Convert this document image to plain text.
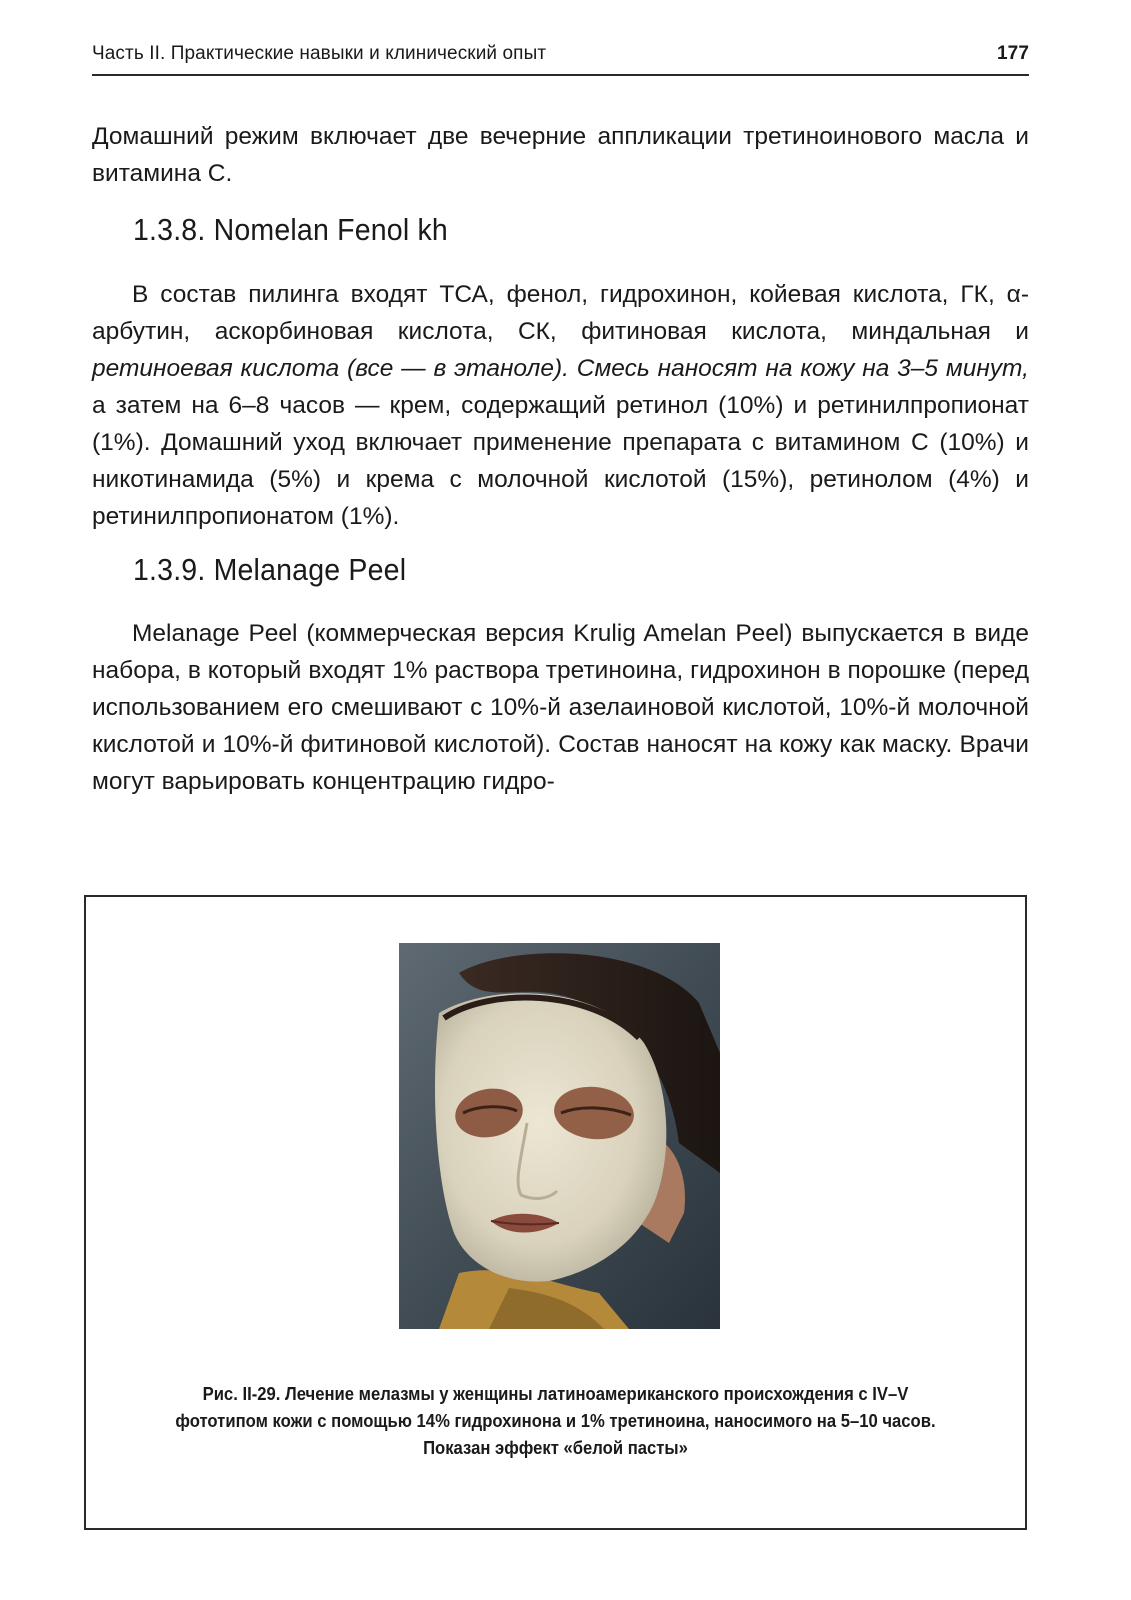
Часть II. Практические навыки и клинический опыт	177

Домашний режим включает две вечерние аппликации третиноинового масла и витамина С.

1.3.8. Nomelan Fenol kh

В состав пилинга входят ТСА, фенол, гидрохинон, койевая кислота, ГК, α-арбутин, аскорбиновая кислота, СК, фитиновая кислота, миндальная и ретиноевая кислота (все — в этаноле). Смесь наносят на кожу на 3–5 минут, а затем на 6–8 часов — крем, содержащий ретинол (10%) и ретинилпропионат (1%). Домашний уход включает применение препарата с витамином С (10%) и никотинамида (5%) и крема с молочной кислотой (15%), ретинолом (4%) и ретинилпропионатом (1%).

1.3.9. Melanage Peel

Melanage Peel (коммерческая версия Krulig Amelan Peel) выпускается в виде набора, в который входят 1% раствора третиноина, гидрохинон в порошке (перед использованием его смешивают с 10%-й азелаиновой кислотой, 10%-й молочной кислотой и 10%-й фитиновой кислотой). Состав наносят на кожу как маску. Врачи могут варьировать концентрацию гидро-

Рис. II-29. Лечение мелазмы у женщины латиноамериканского происхождения с IV–V фототипом кожи с помощью 14% гидрохинона и 1% третиноина, наносимого на 5–10 часов. Показан эффект «белой пасты»
